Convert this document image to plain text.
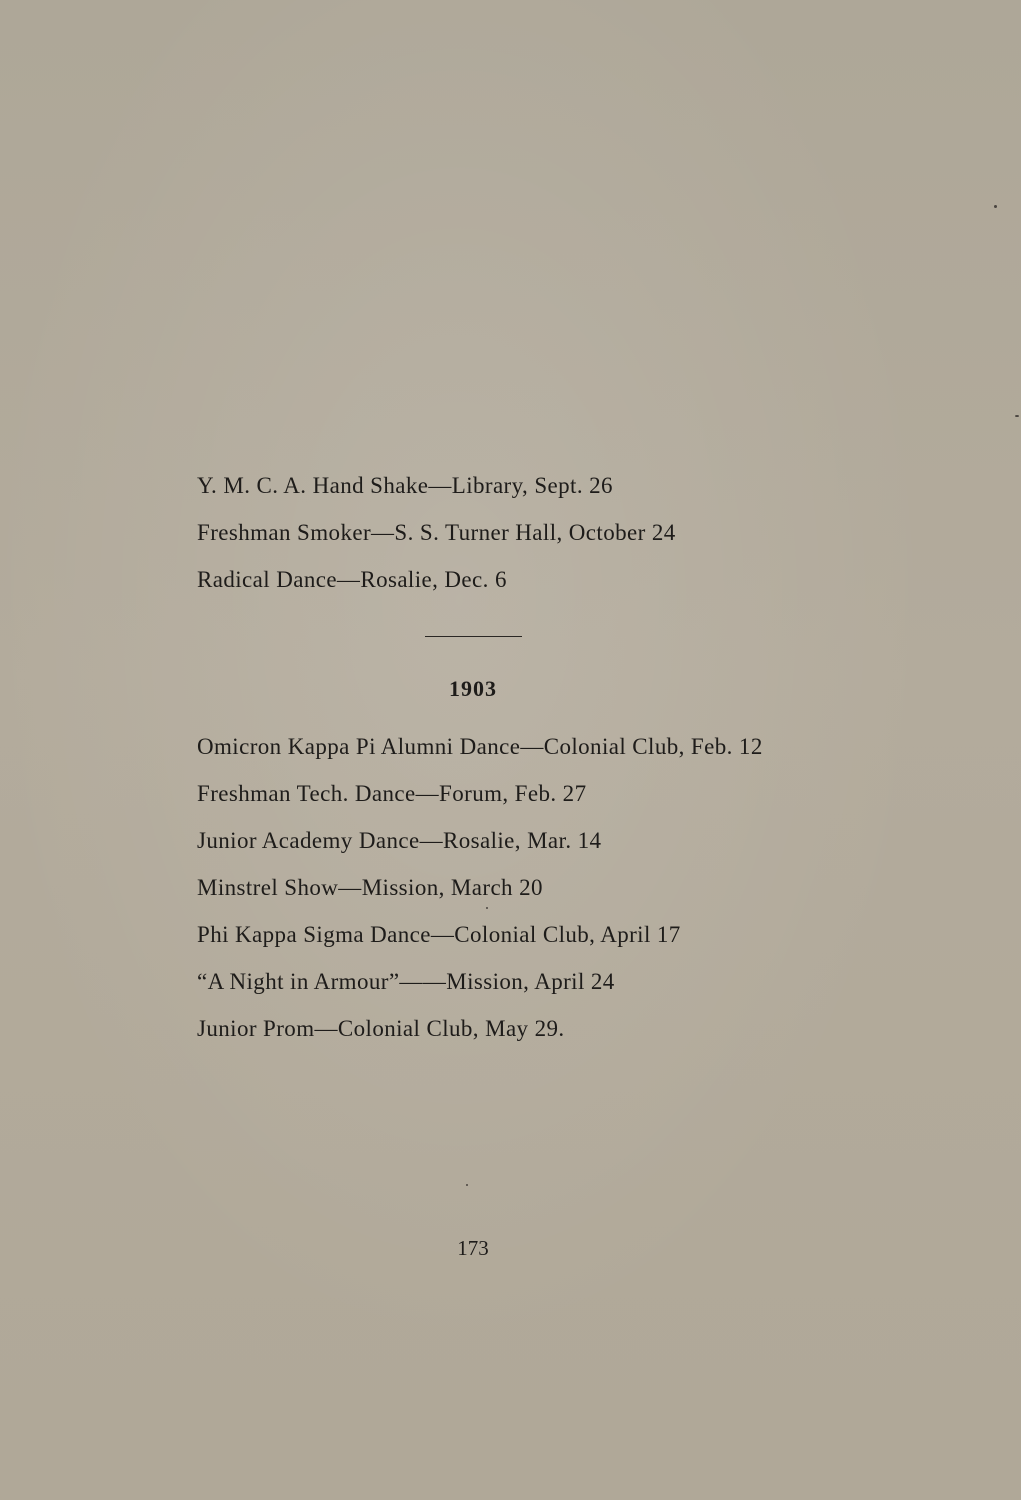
Y. M. C. A. Hand Shake—Library, Sept. 26
Freshman Smoker—S. S. Turner Hall, October 24
Radical Dance—Rosalie, Dec. 6
1903
Omicron Kappa Pi Alumni Dance—Colonial Club, Feb. 12
Freshman Tech. Dance—Forum, Feb. 27
Junior Academy Dance—Rosalie, Mar. 14
Minstrel Show—Mission, March 20
Phi Kappa Sigma Dance—Colonial Club, April 17
“A Night in Armour”——Mission, April 24
Junior Prom—Colonial Club, May 29.
173
